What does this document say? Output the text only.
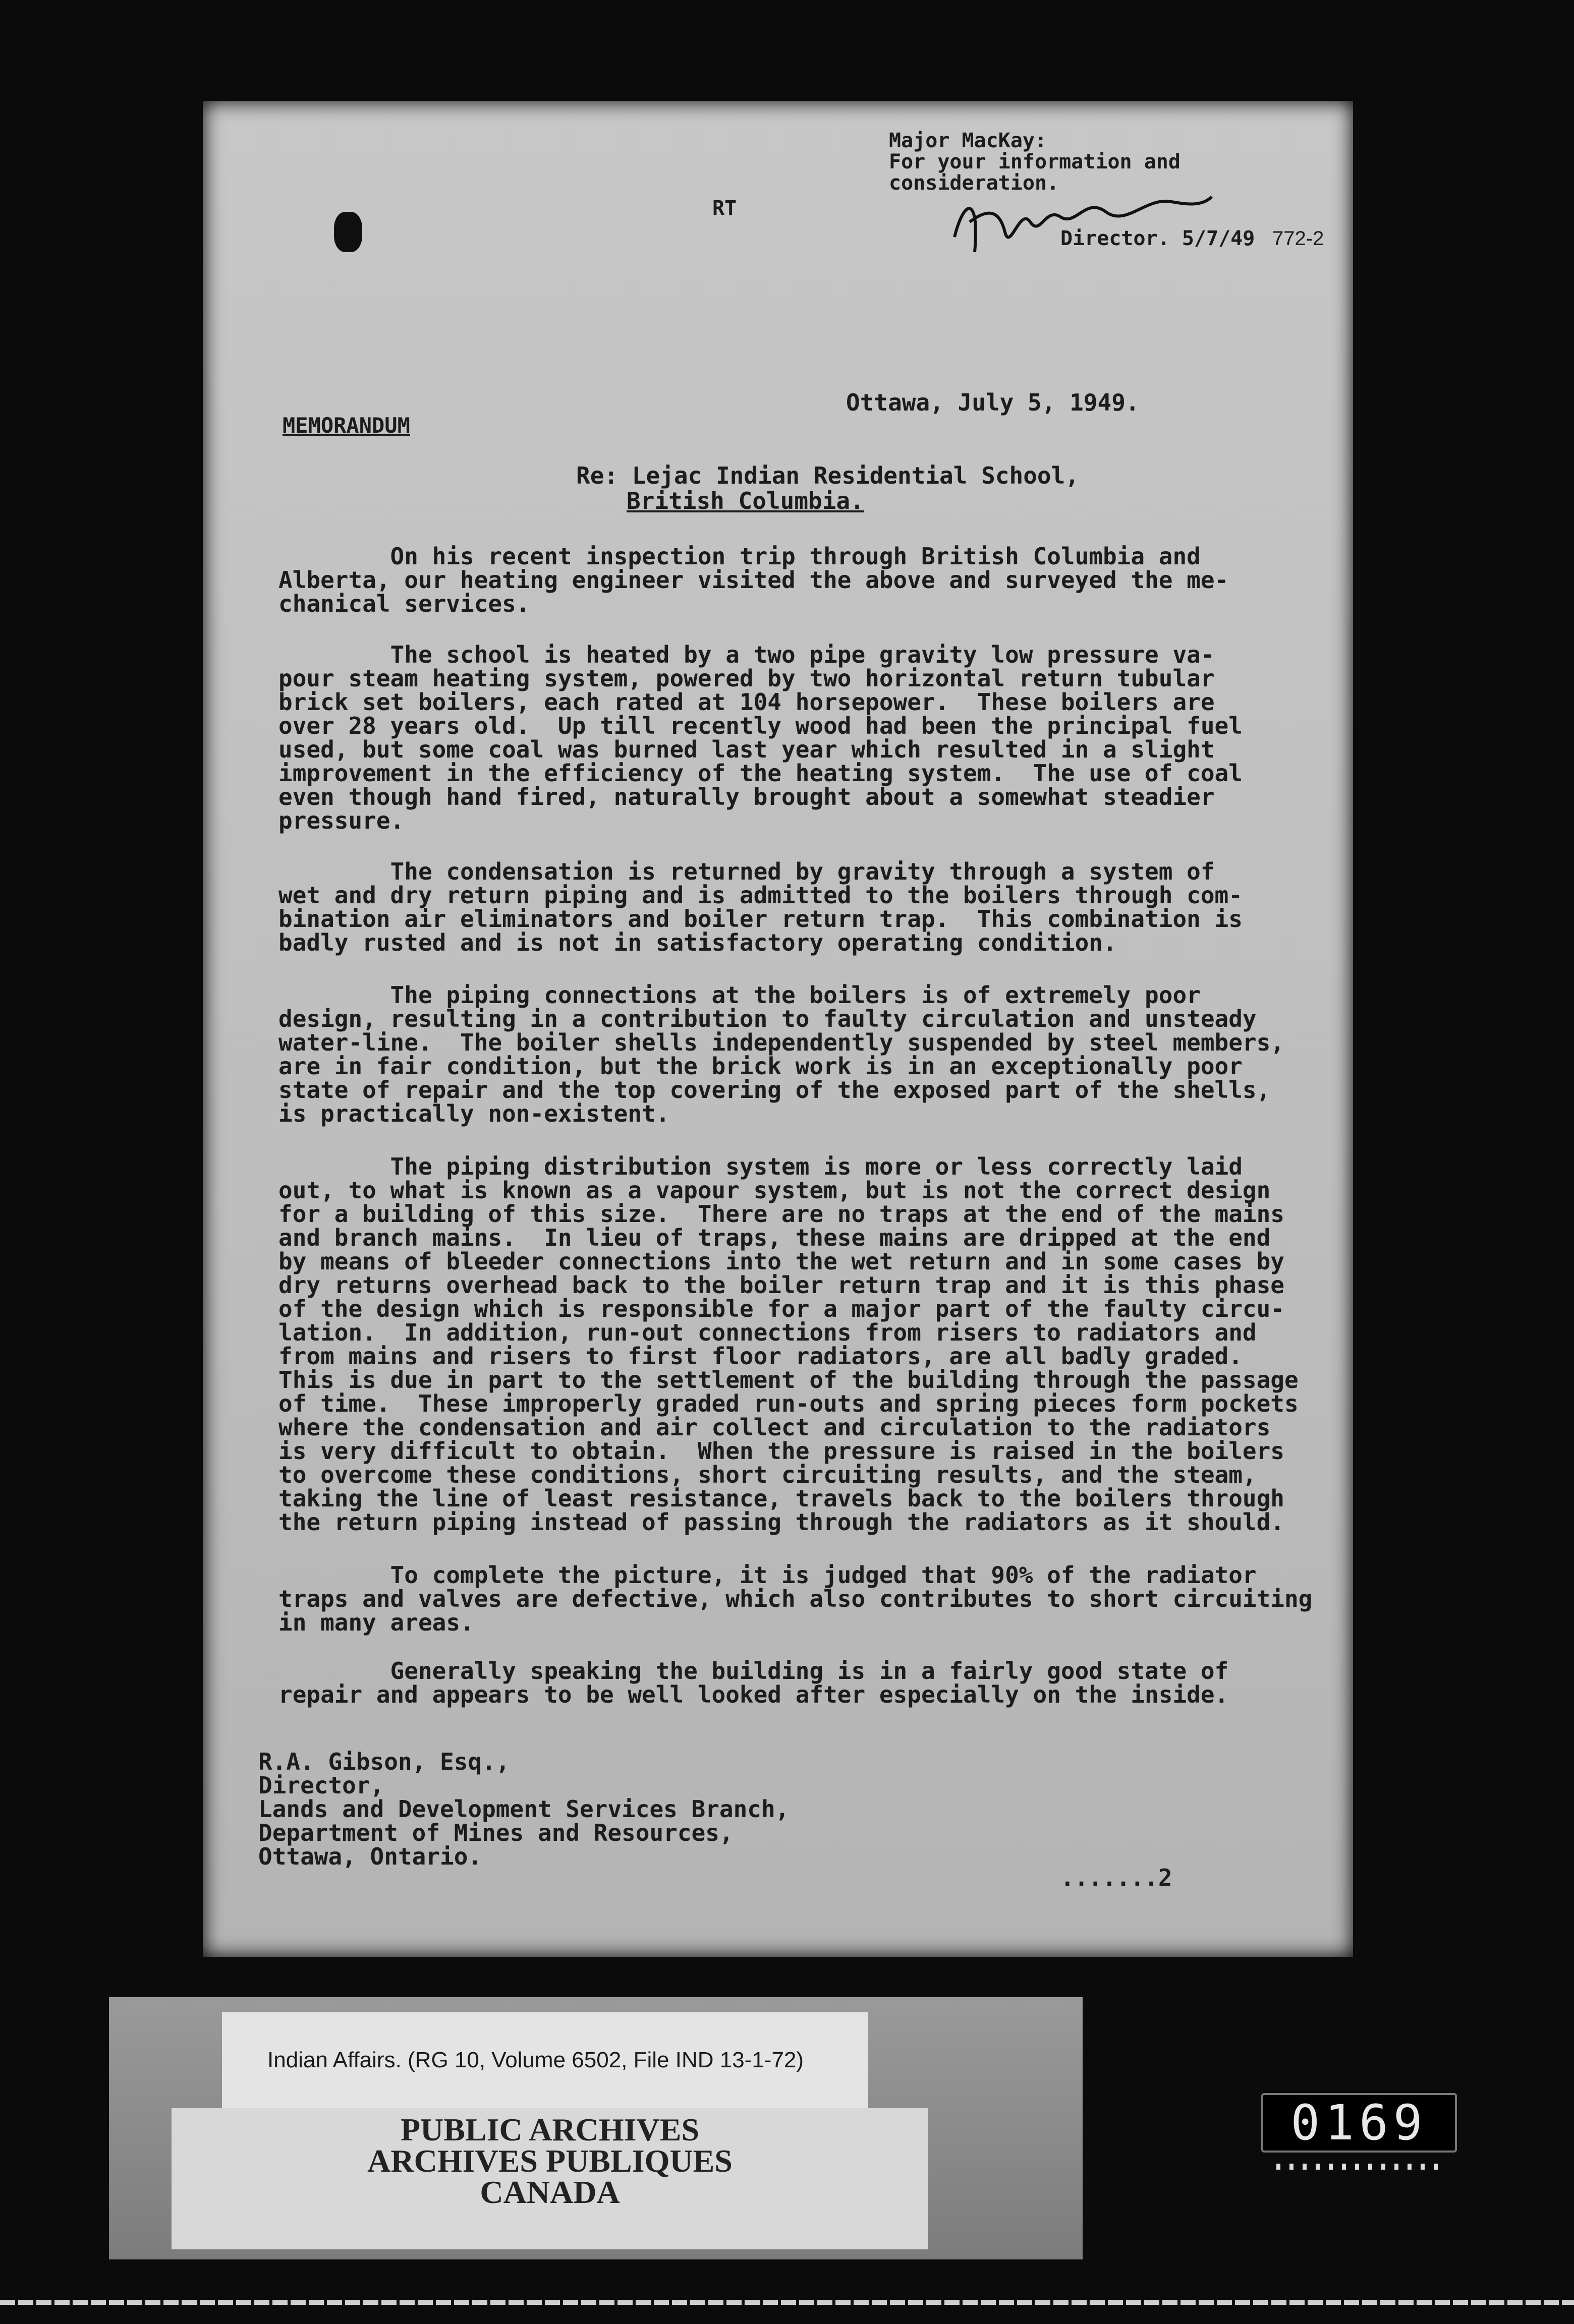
Major MacKay:
For your information and
consideration.
Director. 5/7/49 772-2
RT
MEMORANDUM
Ottawa, July 5, 1949.
Re: Lejac Indian Residential School,
British Columbia.
On his recent inspection trip through British Columbia and
Alberta, our heating engineer visited the above and surveyed the me-
chanical services.
The school is heated by a two pipe gravity low pressure va-
pour steam heating system, powered by two horizontal return tubular
brick set boilers, each rated at 104 horsepower.  These boilers are
over 28 years old.  Up till recently wood had been the principal fuel
used, but some coal was burned last year which resulted in a slight
improvement in the efficiency of the heating system.  The use of coal
even though hand fired, naturally brought about a somewhat steadier
pressure.
The condensation is returned by gravity through a system of
wet and dry return piping and is admitted to the boilers through com-
bination air eliminators and boiler return trap.  This combination is
badly rusted and is not in satisfactory operating condition.
The piping connections at the boilers is of extremely poor
design, resulting in a contribution to faulty circulation and unsteady
water-line.  The boiler shells independently suspended by steel members,
are in fair condition, but the brick work is in an exceptionally poor
state of repair and the top covering of the exposed part of the shells,
is practically non-existent.
The piping distribution system is more or less correctly laid
out, to what is known as a vapour system, but is not the correct design
for a building of this size.  There are no traps at the end of the mains
and branch mains.  In lieu of traps, these mains are dripped at the end
by means of bleeder connections into the wet return and in some cases by
dry returns overhead back to the boiler return trap and it is this phase
of the design which is responsible for a major part of the faulty circu-
lation.  In addition, run-out connections from risers to radiators and
from mains and risers to first floor radiators, are all badly graded.
This is due in part to the settlement of the building through the passage
of time.  These improperly graded run-outs and spring pieces form pockets
where the condensation and air collect and circulation to the radiators
is very difficult to obtain.  When the pressure is raised in the boilers
to overcome these conditions, short circuiting results, and the steam,
taking the line of least resistance, travels back to the boilers through
the return piping instead of passing through the radiators as it should.
To complete the picture, it is judged that 90% of the radiator
traps and valves are defective, which also contributes to short circuiting
in many areas.
Generally speaking the building is in a fairly good state of
repair and appears to be well looked after especially on the inside.
R.A. Gibson, Esq.,
Director,
Lands and Development Services Branch,
Department of Mines and Resources,
Ottawa, Ontario.
.......2
Indian Affairs. (RG 10, Volume 6502, File IND 13-1-72)
PUBLIC ARCHIVES
ARCHIVES PUBLIQUES
CANADA
0169
